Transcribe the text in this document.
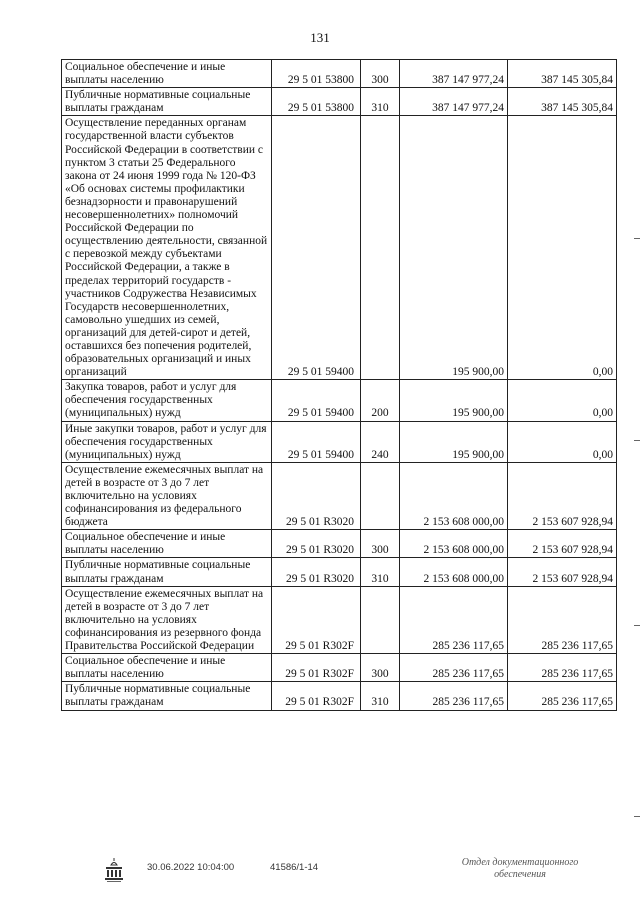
131
Социальное обеспечение и иные выплаты населению	29 5 01 53800	300	387 147 977,24	387 145 305,84
Публичные нормативные социальные выплаты гражданам	29 5 01 53800	310	387 147 977,24	387 145 305,84
Осуществление переданных органам государственной власти субъектов Российской Федерации в соответствии с пунктом 3 статьи 25 Федерального закона от 24 июня 1999 года № 120-ФЗ «Об основах системы профилактики безнадзорности и правонарушений несовершеннолетних» полномочий Российской Федерации по осуществлению деятельности, связанной с перевозкой между субъектами Российской Федерации, а также в пределах территорий государств - участников Содружества Независимых Государств несовершеннолетних, самовольно ушедших из семей, организаций для детей-сирот и детей, оставшихся без попечения родителей, образовательных организаций и иных организаций	29 5 01 59400		195 900,00	0,00
Закупка товаров, работ и услуг для обеспечения государственных (муниципальных) нужд	29 5 01 59400	200	195 900,00	0,00
Иные закупки товаров, работ и услуг для обеспечения государственных (муниципальных) нужд	29 5 01 59400	240	195 900,00	0,00
Осуществление ежемесячных выплат на детей в возрасте от 3 до 7 лет включительно на условиях софинансирования из федерального бюджета	29 5 01 R3020		2 153 608 000,00	2 153 607 928,94
Социальное обеспечение и иные выплаты населению	29 5 01 R3020	300	2 153 608 000,00	2 153 607 928,94
Публичные нормативные социальные выплаты гражданам	29 5 01 R3020	310	2 153 608 000,00	2 153 607 928,94
Осуществление ежемесячных выплат на детей в возрасте от 3 до 7 лет включительно на условиях софинансирования из резервного фонда Правительства Российской Федерации	29 5 01 R302F		285 236 117,65	285 236 117,65
Социальное обеспечение и иные выплаты населению	29 5 01 R302F	300	285 236 117,65	285 236 117,65
Публичные нормативные социальные выплаты гражданам	29 5 01 R302F	310	285 236 117,65	285 236 117,65
30.06.2022 10:04:00	41586/1-14	Отдел документационного обеспечения
